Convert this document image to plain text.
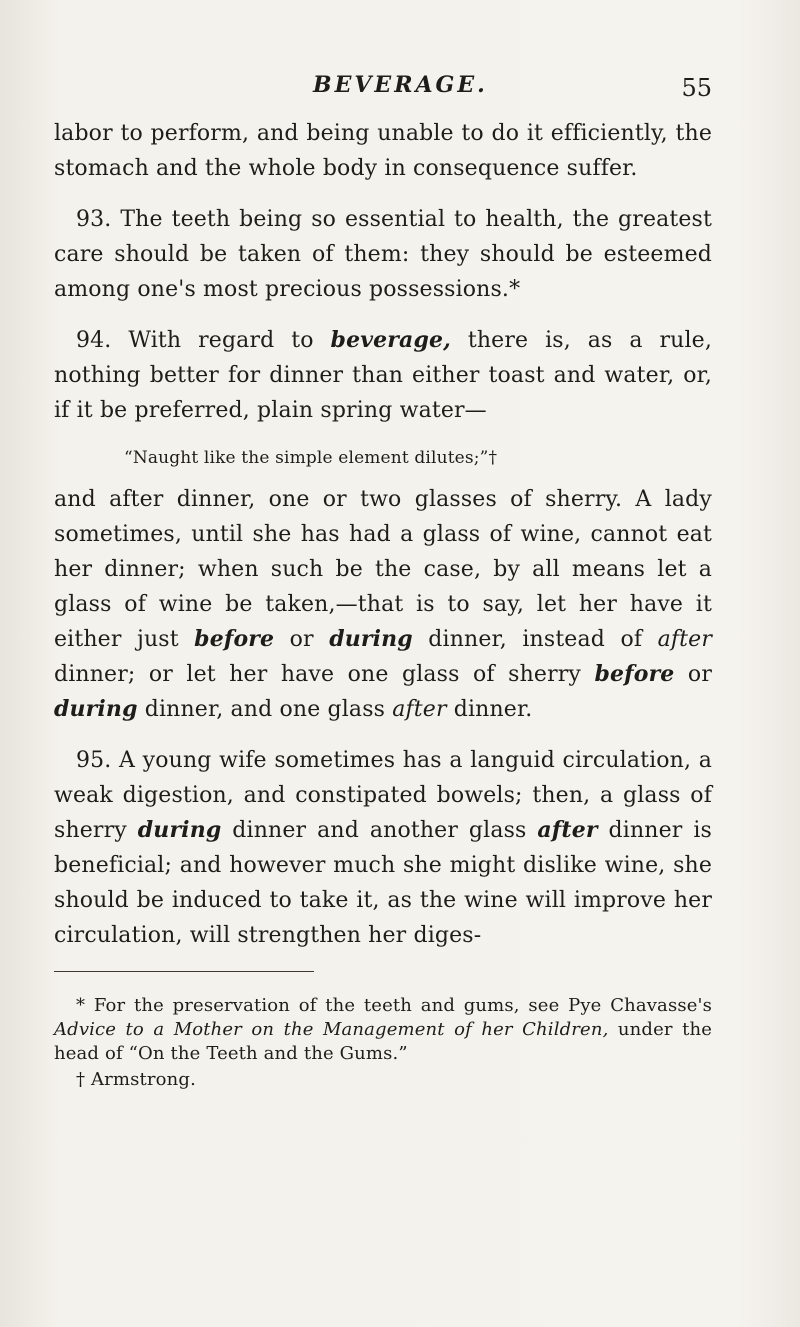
BEVERAGE.	55

labor to perform, and being unable to do it efficiently, the stomach and the whole body in consequence suffer.

93. The teeth being so essential to health, the greatest care should be taken of them: they should be esteemed among one's most precious possessions.*

94. With regard to beverage, there is, as a rule, nothing better for dinner than either toast and water, or, if it be preferred, plain spring water—

“Naught like the simple element dilutes;”†

and after dinner, one or two glasses of sherry. A lady sometimes, until she has had a glass of wine, cannot eat her dinner; when such be the case, by all means let a glass of wine be taken,—that is to say, let her have it either just before or during dinner, instead of after dinner; or let her have one glass of sherry before or during dinner, and one glass after dinner.

95. A young wife sometimes has a languid circulation, a weak digestion, and constipated bowels; then, a glass of sherry during dinner and another glass after dinner is beneficial; and however much she might dislike wine, she should be induced to take it, as the wine will improve her circulation, will strengthen her diges-

* For the preservation of the teeth and gums, see Pye Chavasse's Advice to a Mother on the Management of her Children, under the head of “On the Teeth and the Gums.”

† Armstrong.
